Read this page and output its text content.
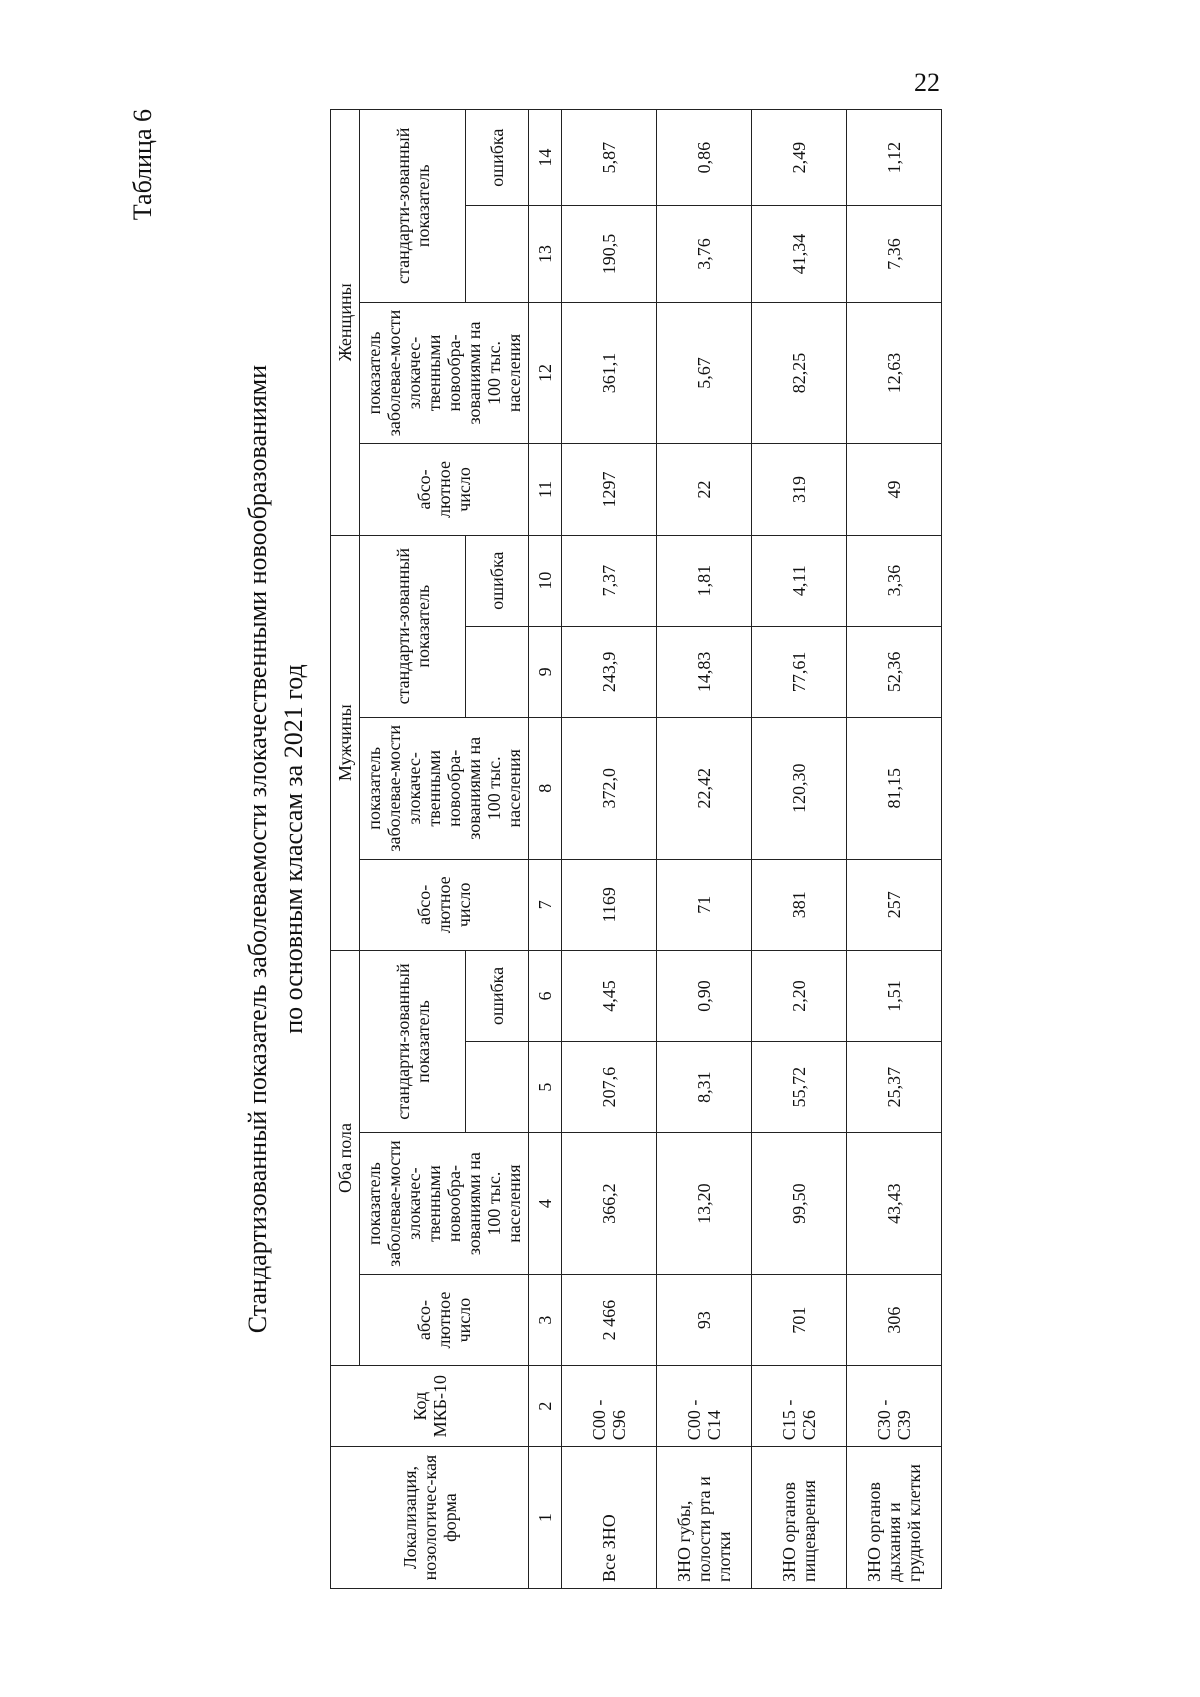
22
Таблица 6
Стандартизованный показатель заболеваемости злокачественными новообразованиями по основным классам за 2021 год
Локализация, нозологичес-кая форма	Код МКБ-10	Оба пола				Мужчины				Женщины			
		абсо-лютное число	показатель заболевае-мости злокачес-твенными новообра-зованиями на 100 тыс. населения	стандарти-зованный показатель		абсо-лютное число	показатель заболевае-мости злокачес-твенными новообра-зованиями на 100 тыс. населения	стандарти-зованный показатель		абсо-лютное число	показатель заболевае-мости злокачес-твенными новообра-зованиями на 100 тыс. населения	стандарти-зованный показатель	
					ошибка				ошибка				ошибка
1	2	3	4	5	6	7	8	9	10	11	12	13	14
Все ЗНО	C00 - C96	2 466	366,2	207,6	4,45	1169	372,0	243,9	7,37	1297	361,1	190,5	5,87
ЗНО губы, полости рта и глотки	C00 - C14	93	13,20	8,31	0,90	71	22,42	14,83	1,81	22	5,67	3,76	0,86
ЗНО органов пищеварения	C15 - C26	701	99,50	55,72	2,20	381	120,30	77,61	4,11	319	82,25	41,34	2,49
ЗНО органов дыхания и грудной клетки	C30 - C39	306	43,43	25,37	1,51	257	81,15	52,36	3,36	49	12,63	7,36	1,12
